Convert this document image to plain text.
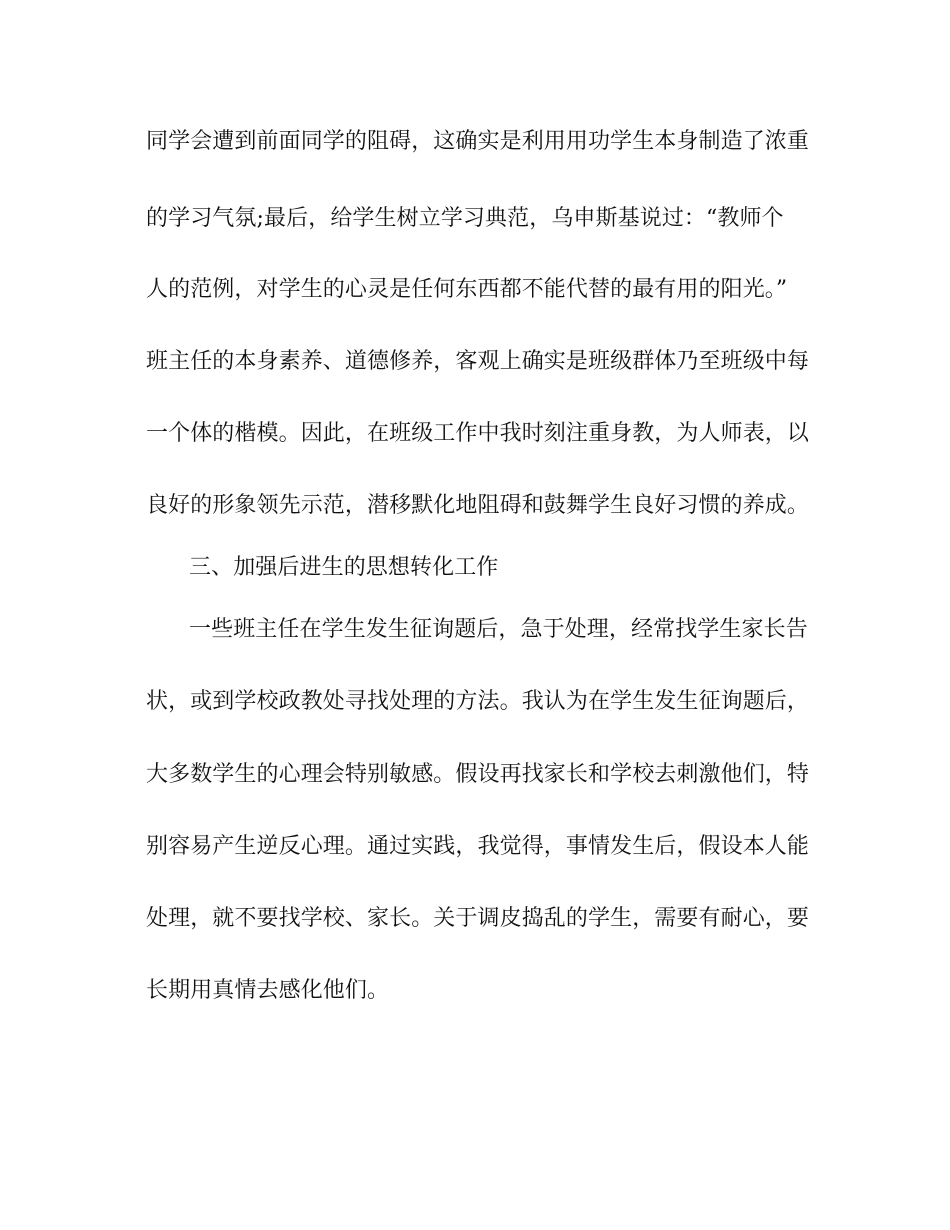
同学会遭到前面同学的阻碍，这确实是利用用功学生本身制造了浓重
的学习气氛;最后，给学生树立学习典范，乌申斯基说过：“教师个
人的范例，对学生的心灵是任何东西都不能代替的最有用的阳光。”
班主任的本身素养、道德修养，客观上确实是班级群体乃至班级中每
一个体的楷模。因此，在班级工作中我时刻注重身教，为人师表，以
良好的形象领先示范，潜移默化地阻碍和鼓舞学生良好习惯的养成。
三、加强后进生的思想转化工作
一些班主任在学生发生征询题后，急于处理，经常找学生家长告
状，或到学校政教处寻找处理的方法。我认为在学生发生征询题后，
大多数学生的心理会特别敏感。假设再找家长和学校去刺激他们，特
别容易产生逆反心理。通过实践，我觉得，事情发生后，假设本人能
处理，就不要找学校、家长。关于调皮捣乱的学生，需要有耐心，要
长期用真情去感化他们。
